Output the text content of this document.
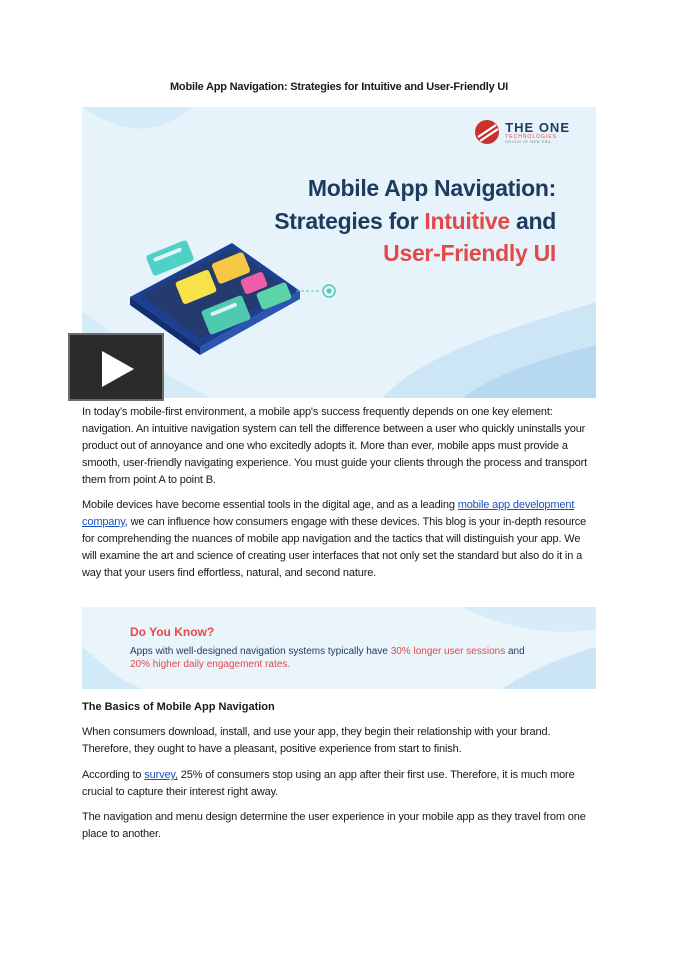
Mobile App Navigation: Strategies for Intuitive and User-Friendly UI
THE ONE
TECHNOLOGIES
ORIGIN OF NEW ERA
Mobile App Navigation:
Strategies for Intuitive and
User-Friendly UI

In today's mobile-first environment, a mobile app's success frequently depends on one key element: navigation. An intuitive navigation system can tell the difference between a user who quickly uninstalls your product out of annoyance and one who excitedly adopts it. More than ever, mobile apps must provide a smooth, user-friendly navigating experience. You must guide your clients through the process and transport them from point A to point B.

Mobile devices have become essential tools in the digital age, and as a leading mobile app development company, we can influence how consumers engage with these devices. This blog is your in-depth resource for comprehending the nuances of mobile app navigation and the tactics that will distinguish your app. We will examine the art and science of creating user interfaces that not only set the standard but also do it in a way that your users find effortless, natural, and second nature.

Do You Know?
Apps with well-designed navigation systems typically have 30% longer user sessions and 20% higher daily engagement rates.
The Basics of Mobile App Navigation

When consumers download, install, and use your app, they begin their relationship with your brand. Therefore, they ought to have a pleasant, positive experience from start to finish.

According to survey, 25% of consumers stop using an app after their first use. Therefore, it is much more crucial to capture their interest right away.

The navigation and menu design determine the user experience in your mobile app as they travel from one place to another.
